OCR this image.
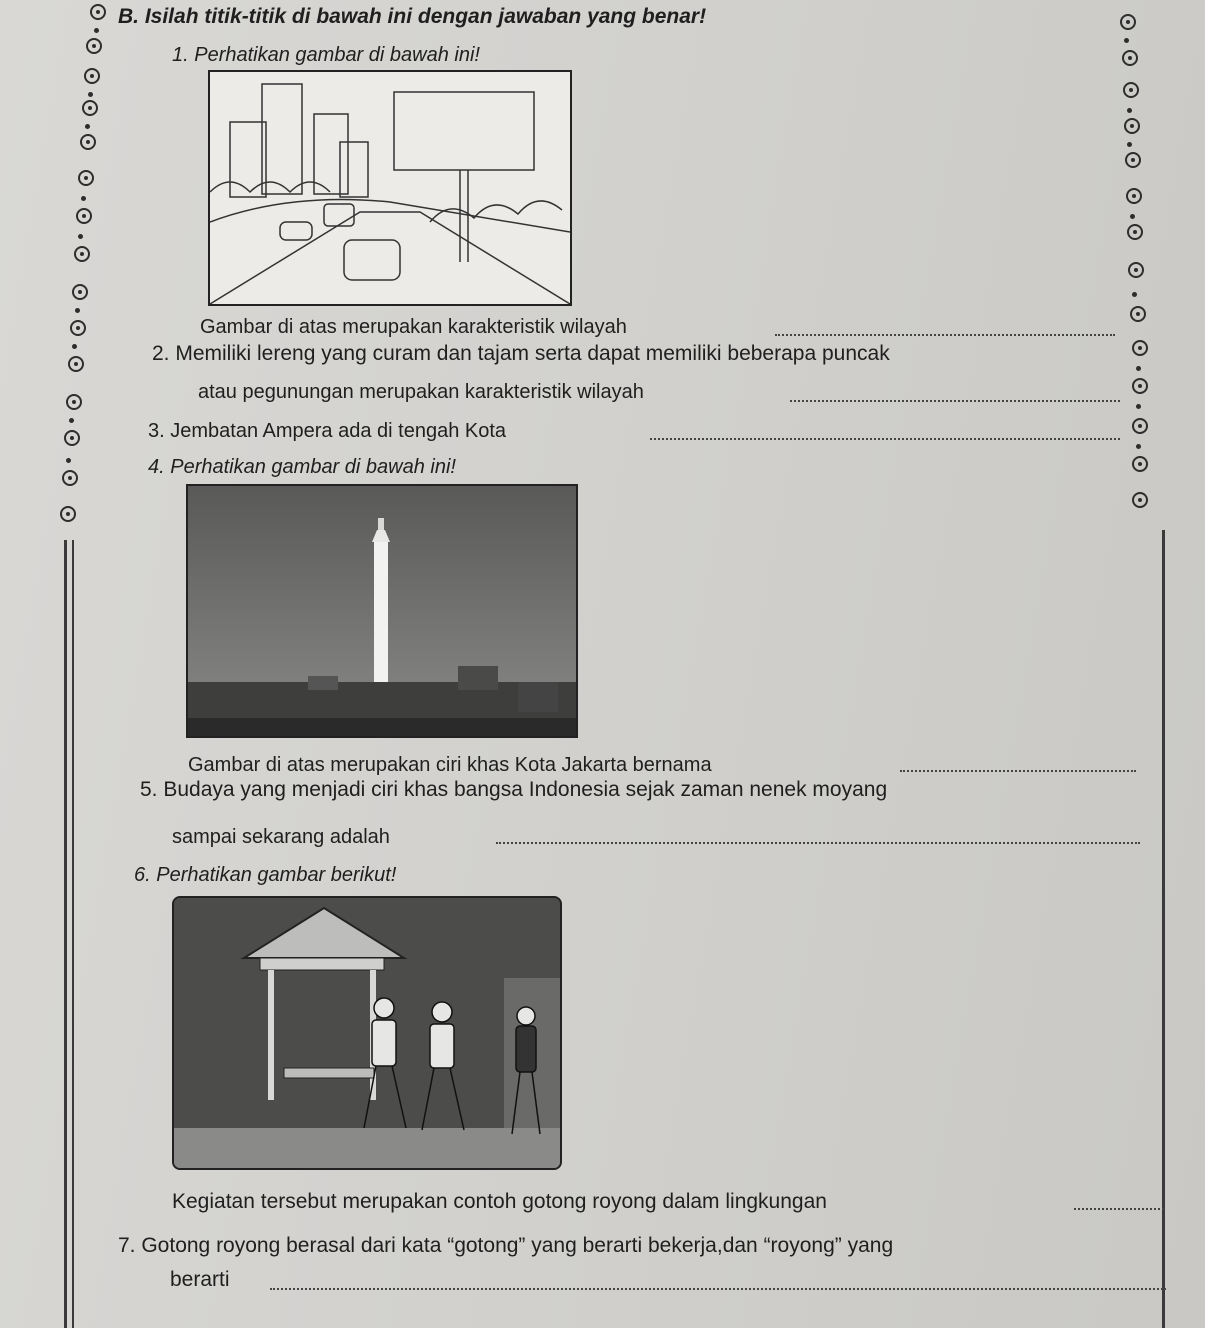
B. Isilah titik-titik di bawah ini dengan jawaban yang benar!
1. Perhatikan gambar di bawah ini!
Gambar di atas merupakan karakteristik wilayah
2. Memiliki lereng yang curam dan tajam serta dapat memiliki beberapa puncak
atau pegunungan merupakan karakteristik wilayah
3. Jembatan Ampera ada di tengah Kota
4. Perhatikan gambar di bawah ini!
Gambar di atas merupakan ciri khas Kota Jakarta bernama
5. Budaya yang menjadi ciri khas bangsa Indonesia sejak zaman nenek moyang
sampai sekarang adalah
6. Perhatikan gambar berikut!
Kegiatan tersebut merupakan contoh gotong royong dalam lingkungan
7. Gotong royong berasal dari kata “gotong” yang berarti bekerja,dan “royong” yang
berarti
